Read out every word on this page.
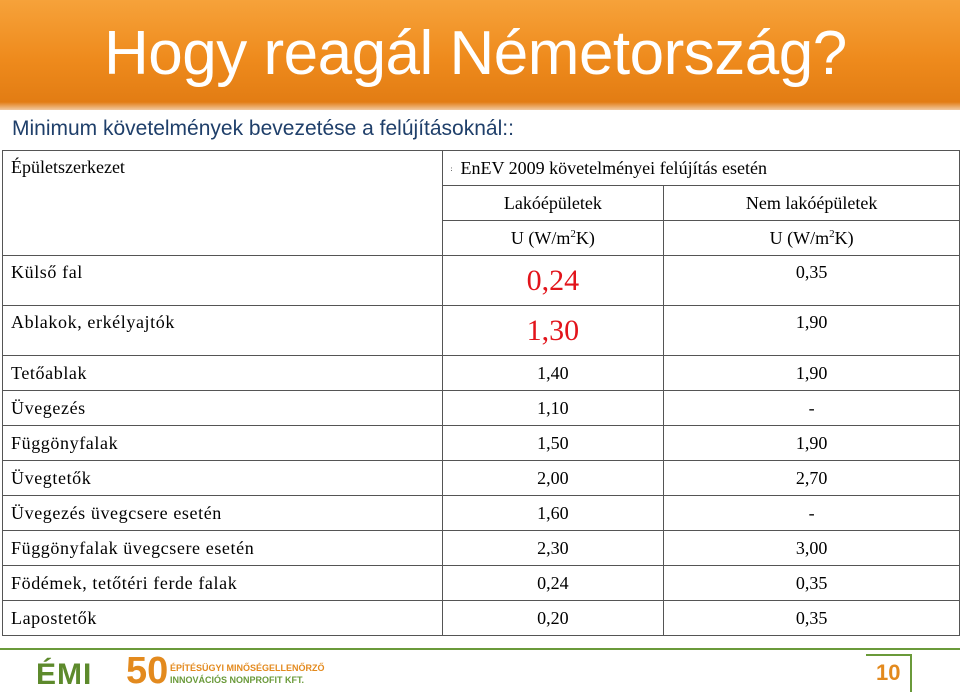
Hogy reagál Németország?
Minimum követelmények bevezetése a felújításoknál::
Épületszerkezet	: EnEV 2009 követelményei felújítás esetén	
	Lakóépületek	Nem lakóépületek
	U $(W/m^2K)$	U $(W/m^2K)$
Külső fal	0,24	0,35
Ablakok, erkélyajtók	1,30	1,90
Tetőablak	1,40	1,90
Üvegezés	1,10	-
Függönyfalak	1,50	1,90
Üvegtetők	2,00	2,70
Üvegezés üvegcsere esetén	1,60	-
Függönyfalak üvegcsere esetén	2,30	3,00
Födémek, tetőtéri ferde falak	0,24	0,35
Lapostetők	0,20	0,35
ÉMI 50 ÉPÍTÉSÜGYI MINŐSÉGELLENŐRZŐ
INNOVÁCIÓS NONPROFIT KFT.	10
